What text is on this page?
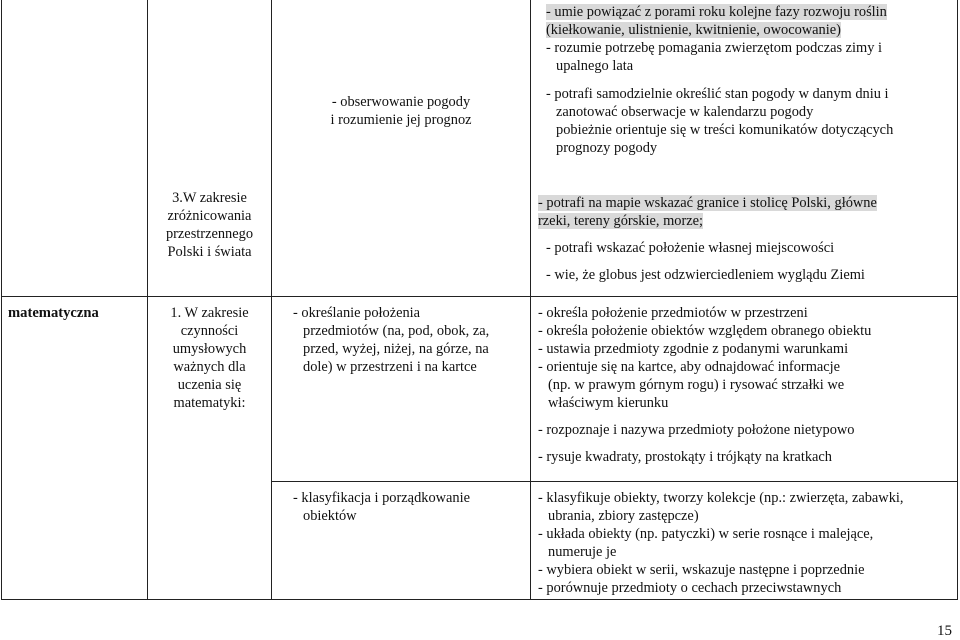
- obserwowanie pogody
i rozumienie jej prognoz
- umie powiązać z porami roku kolejne fazy rozwoju roślin
(kiełkowanie, ulistnienie, kwitnienie, owocowanie)
- rozumie potrzebę pomagania zwierzętom podczas zimy i
upalnego lata
- potrafi samodzielnie określić stan pogody w danym dniu i
zanotować obserwacje w kalendarzu pogody
pobieżnie orientuje się w treści komunikatów dotyczących
prognozy pogody
3.W zakresie
zróżnicowania
przestrzennego
Polski i świata
- potrafi na mapie wskazać granice i stolicę Polski, główne
rzeki, tereny górskie, morze;
- potrafi wskazać położenie własnej miejscowości
- wie, że globus jest odzwierciedleniem wyglądu Ziemi
matematyczna	1. W zakresie
czynności
umysłowych
ważnych dla
uczenia się
matematyki:
- określanie położenia
przedmiotów (na, pod, obok, za,
przed, wyżej, niżej, na górze, na
dole) w przestrzeni i na kartce
- określa położenie przedmiotów w przestrzeni
- określa położenie obiektów względem obranego obiektu
- ustawia przedmioty zgodnie z podanymi warunkami
- orientuje się na kartce, aby odnajdować informacje
(np. w prawym górnym rogu) i rysować strzałki we
właściwym kierunku
- rozpoznaje i nazywa przedmioty położone nietypowo
- rysuje kwadraty, prostokąty i trójkąty na kratkach
- klasyfikacja i porządkowanie
obiektów
- klasyfikuje obiekty, tworzy kolekcje (np.: zwierzęta, zabawki,
ubrania, zbiory zastępcze)
- układa obiekty (np. patyczki) w serie rosnące i malejące,
numeruje je
- wybiera obiekt w serii, wskazuje następne i poprzednie
- porównuje przedmioty o cechach przeciwstawnych
15
